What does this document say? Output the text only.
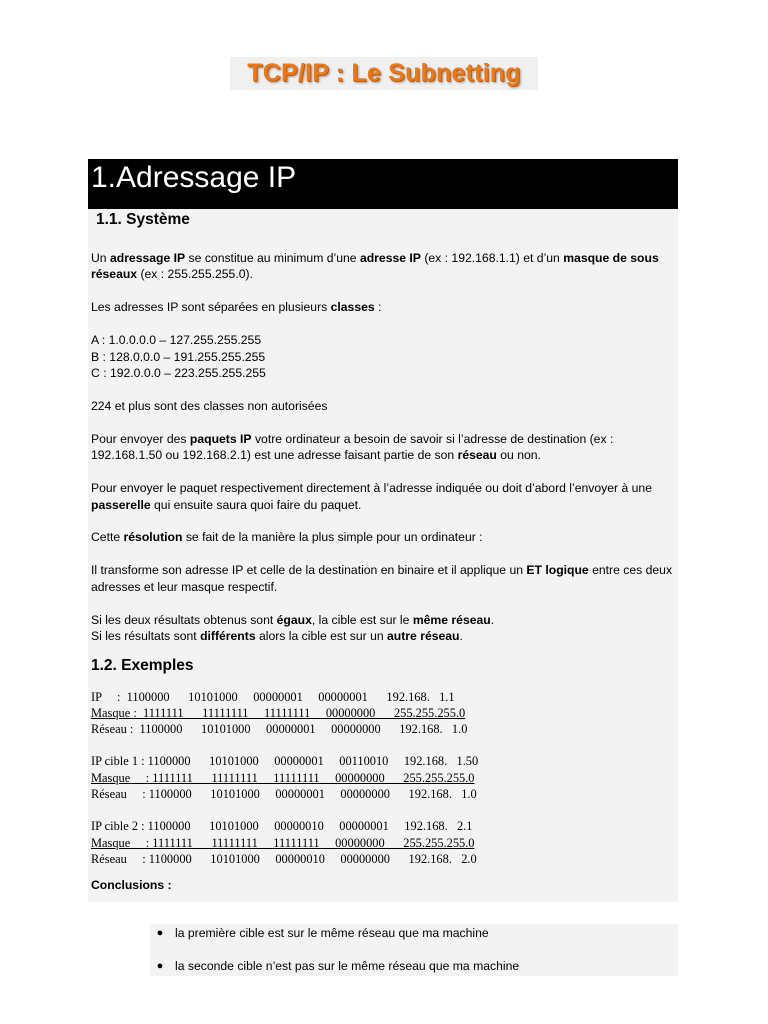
TCP/IP : Le Subnetting
1.Adressage IP
1.1. Système

Un adressage IP se constitue au minimum d’une adresse IP (ex : 192.168.1.1) et d’un masque de sous réseaux (ex : 255.255.255.0).

Les adresses IP sont séparées en plusieurs classes :

A : 1.0.0.0.0 – 127.255.255.255

B : 128.0.0.0 – 191.255.255.255

C : 192.0.0.0 – 223.255.255.255

224 et plus sont des classes non autorisées

Pour envoyer des paquets IP votre ordinateur a besoin de savoir si l’adresse de destination (ex : 192.168.1.50 ou 192.168.2.1) est une adresse faisant partie de son réseau ou non.

Pour envoyer le paquet respectivement directement à l’adresse indiquée ou doit d’abord l’envoyer à une passerelle qui ensuite saura quoi faire du paquet.

Cette résolution se fait de la manière la plus simple pour un ordinateur :

Il transforme son adresse IP et celle de la destination en binaire et il applique un ET logique entre ces deux adresses et leur masque respectif.

Si les deux résultats obtenus sont égaux, la cible est sur le même réseau.

Si les résultats sont différents alors la cible est sur un autre réseau.

1.2. Exemples
IP     :  1100000      10101000     00000001     00000001      192.168.   1.1
Masque :  1111111      11111111     11111111     00000000      255.255.255.0
Réseau :  1100000      10101000     00000001     00000000      192.168.   1.0
IP cible 1 : 1100000      10101000     00000001     00110010     192.168.   1.50
Masque     : 1111111      11111111     11111111     00000000      255.255.255.0
Réseau     : 1100000      10101000     00000001     00000000      192.168.   1.0
IP cible 2 : 1100000      10101000     00000010     00000001     192.168.   2.1
Masque     : 1111111      11111111     11111111     00000000      255.255.255.0
Réseau     : 1100000      10101000     00000010     00000000      192.168.   2.0

Conclusions :

● la première cible est sur le même réseau que ma machine
● la seconde cible n’est pas sur le même réseau que ma machine
